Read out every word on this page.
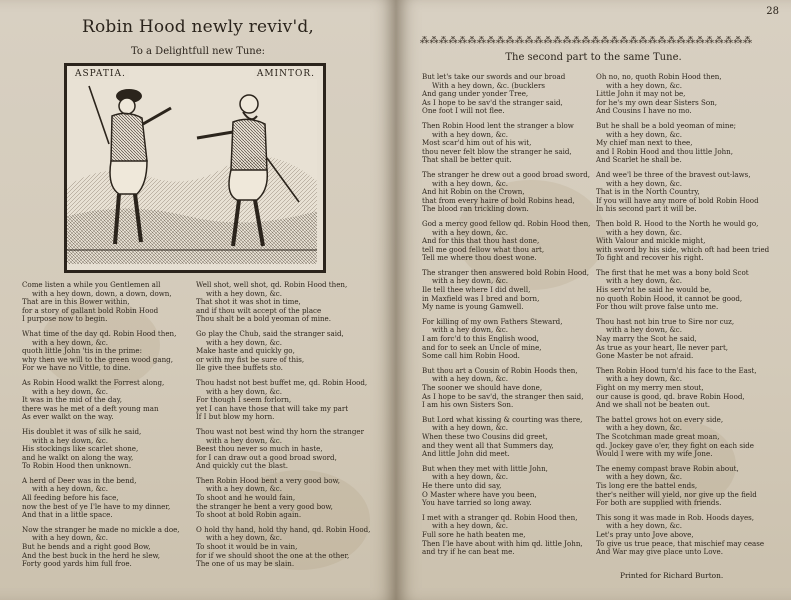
Robin Hood newly reviv'd,
To a Delightfull new Tune:
ASPATIA.	AMINTOR.
Come listen a while you Gentlemen all
with a hey down, down, a down, down,
That are in this Bower within,
for a story of gallant bold Robin Hood
I purpose now to begin.
What time of the day qd. Robin Hood then,
with a hey down, &c.
quoth little John 'tis in the prime:
why then we will to the green wood gang,
For we have no Vittle, to dine.
As Robin Hood walkt the Forrest along,
with a hey down, &c.
It was in the mid of the day,
there was he met of a deft young man
As ever walkt on the way.
His doublet it was of silk he said,
with a hey down, &c.
His stockings like scarlet shone,
and he walkt on along the way,
To Robin Hood then unknown.
A herd of Deer was in the bend,
with a hey down, &c.
All feeding before his face,
now the best of ye I'le have to my dinner,
And that in a little space.
Now the stranger he made no mickle a doe,
with a hey down, &c.
But he bends and a right good Bow,
And the best buck in the herd he slew,
Forty good yards him full froe.
Well shot, well shot, qd. Robin Hood then,
with a hey down, &c.
That shot it was shot in time,
and if thou wilt accept of the place
Thou shalt be a bold yeoman of mine.
Go play the Chub, said the stranger said,
with a hey down, &c.
Make haste and quickly go,
or with my fist be sure of this,
Ile give thee buffets sto.
Thou hadst not best buffet me, qd. Robin Hood,
with a hey down, &c.
For though I seem forlorn,
yet I can have those that will take my part
If I but blow my horn.
Thou wast not best wind thy horn the stranger
with a hey down, &c.
Beest thou never so much in haste,
for I can draw out a good broad sword,
And quickly cut the blast.
Then Robin Hood bent a very good bow,
with a hey down, &c.
To shoot and he would fain,
the stranger he bent a very good bow,
To shoot at bold Robin again.
O hold thy hand, hold thy hand, qd. Robin Hood,
with a hey down, &c.
To shoot it would be in vain,
for if we should shoot the one at the other,
The one of us may be slain.
28
⁂⁂⁂⁂⁂⁂⁂⁂⁂⁂⁂⁂⁂⁂⁂⁂⁂⁂⁂⁂⁂⁂⁂⁂⁂⁂⁂⁂⁂⁂⁂⁂⁂⁂⁂
The second part to the same Tune.
But let's take our swords and our broad
With a hey down, &c. (bucklers
And gang under yonder Tree,
As I hope to be sav'd the stranger said,
One foot I will not flee.
Then Robin Hood lent the stranger a blow
with a hey down, &c.
Most scar'd him out of his wit,
thou never felt blow the stranger he said,
That shall be better quit.
The stranger he drew out a good broad sword,
with a hey down, &c.
And hit Robin on the Crown,
that from every haire of bold Robins head,
The blood ran trickling down.
God a mercy good fellow qd. Robin Hood then,
with a hey down, &c.
And for this that thou hast done,
tell me good fellow what thou art,
Tell me where thou doest wone.
The stranger then answered bold Robin Hood,
with a hey down, &c.
Ile tell thee where I did dwell,
in Maxfield was I bred and born,
My name is young Gamwell.
For killing of my own Fathers Steward,
with a hey down, &c.
I am forc'd to this English wood,
and for to seek an Uncle of mine,
Some call him Robin Hood.
But thou art a Cousin of Robin Hoods then,
with a hey down, &c.
The sooner we should have done,
As I hope to be sav'd, the stranger then said,
I am his own Sisters Son.
But Lord what kissing & courting was there,
with a hey down, &c.
When these two Cousins did greet,
and they went all that Summers day,
And little John did meet.
But when they met with little John,
with a hey down, &c.
He there unto did say,
O Master where have you been,
You have tarried so long away.
I met with a stranger qd. Robin Hood then,
with a hey down, &c.
Full sore he hath beaten me,
Then I'le have about with him qd. little John,
and try if he can beat me.
Oh no, no, quoth Robin Hood then,
with a hey down, &c.
Little John it may not be,
for he's my own dear Sisters Son,
And Cousins I have no mo.
But he shall be a bold yeoman of mine;
with a hey down, &c.
My chief man next to thee,
and I Robin Hood and thou little John,
And Scarlet he shall be.
And wee'l be three of the bravest out-laws,
with a hey down, &c.
That is in the North Country,
If you will have any more of bold Robin Hood
In his second part it will be.
Then bold R. Hood to the North he would go,
with a hey down, &c.
With Valour and mickle might,
with sword by his side, which oft had been tried
To fight and recover his right.
The first that he met was a bony bold Scot
with a hey down, &c.
His serv'nt he said he would be,
no quoth Robin Hood, it cannot be good,
For thou wilt prove false unto me.
Thou hast not bin true to Sire nor cuz,
with a hey down, &c.
Nay marry the Scot he said,
As true as your heart, Ile never part,
Gone Master be not afraid.
Then Robin Hood turn'd his face to the East,
with a hey down, &c.
Fight on my merry men stout,
our cause is good, qd. brave Robin Hood,
And we shall not be beaten out.
The battel grows hot on every side,
with a hey down, &c.
The Scotchman made great moan,
qd. Jockey gave o'er, they fight on each side
Would I were with my wife Jone.
The enemy compast brave Robin about,
with a hey down, &c.
Tis long ere the battel ends,
ther's neither will yield, nor give up the field
For both are supplied with friends.
This song it was made in Rob. Hoods dayes,
with a hey down, &c.
Let's pray unto Jove above,
To give us true peace, that mischief may cease
And War may give place unto Love.
Printed for Richard Burton.
